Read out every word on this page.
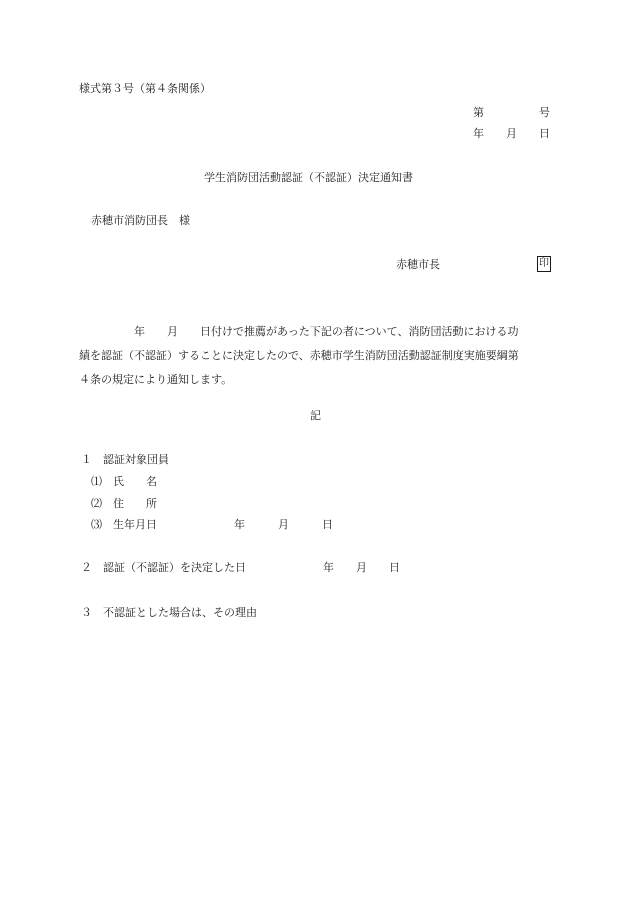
様式第３号（第４条関係）
第　　　　　号
年　　月　　日
学生消防団活動認証（不認証）決定通知書
赤穂市消防団長　様
赤穂市長	印
　　　　　年　　月　　日付けで推薦があった下記の者について、消防団活動における功
績を認証（不認証）することに決定したので、赤穂市学生消防団活動認証制度実施要綱第
４条の規定により通知します。
記
１　認証対象団員
⑴　氏　　名
⑵　住　　所
⑶　生年月日　　　　　　　年　　　月　　　日
２　認証（不認証）を決定した日　　　　　　　年　　月　　日
３　不認証とした場合は、その理由
